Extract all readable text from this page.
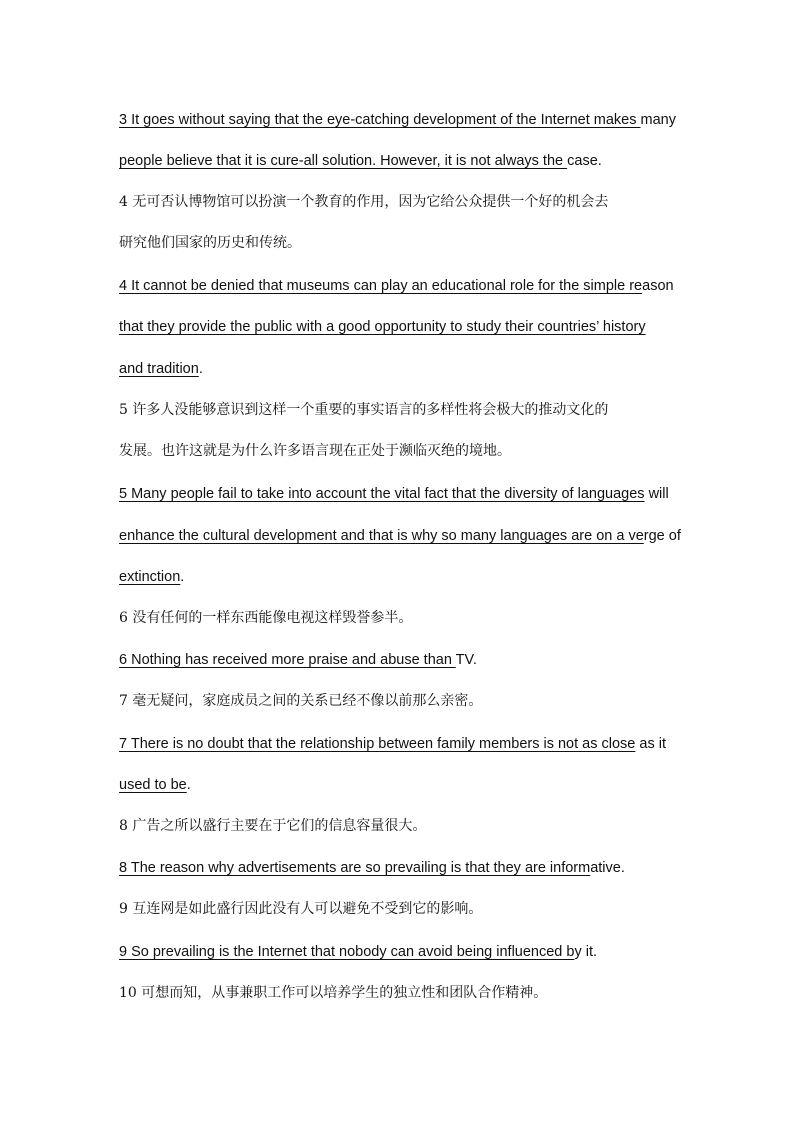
3 It goes without saying that the eye-catching development of the Internet makes many
people believe that it is cure-all solution. However, it is not always the case.
4 无可否认博物馆可以扮演一个教育的作用，因为它给公众提供一个好的机会去
研究他们国家的历史和传统。
4 It cannot be denied that museums can play an educational role for the simple reason
that they provide the public with a good opportunity to study their countries’ history
and tradition.
5 许多人没能够意识到这样一个重要的事实语言的多样性将会极大的推动文化的
发展。也许这就是为什么许多语言现在正处于濒临灭绝的境地。
5 Many people fail to take into account the vital fact that the diversity of languages will
enhance the cultural development and that is why so many languages are on a verge of
extinction.
6 没有任何的一样东西能像电视这样毁誉参半。
6 Nothing has received more praise and abuse than TV.
7 毫无疑问，家庭成员之间的关系已经不像以前那么亲密。
7 There is no doubt that the relationship between family members is not as close as it
used to be.
8 广告之所以盛行主要在于它们的信息容量很大。
8 The reason why advertisements are so prevailing is that they are informative.
9 互连网是如此盛行因此没有人可以避免不受到它的影响。
9 So prevailing is the Internet that nobody can avoid being influenced by it.
10 可想而知，从事兼职工作可以培养学生的独立性和团队合作精神。
